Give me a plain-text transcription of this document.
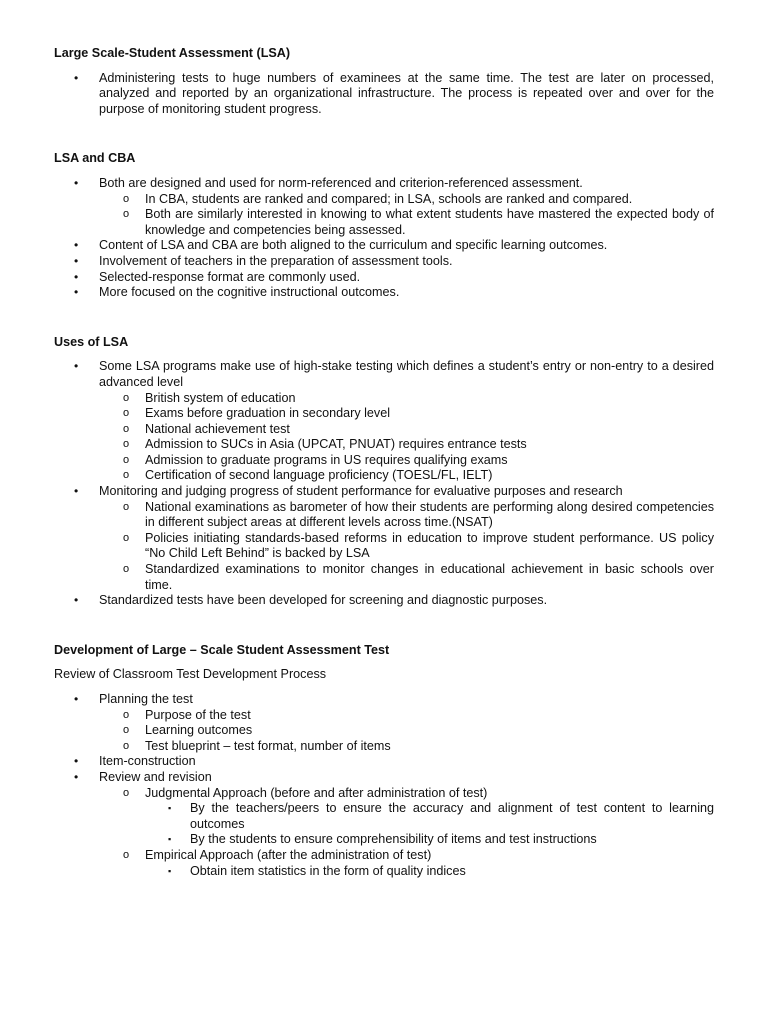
Large Scale-Student Assessment (LSA)
• Administering tests to huge numbers of examinees at the same time. The test are later on processed, analyzed and reported by an organizational infrastructure. The process is repeated over and over for the purpose of monitoring student progress.
LSA and CBA
• Both are designed and used for norm-referenced and criterion-referenced assessment.
o In CBA, students are ranked and compared; in LSA, schools are ranked and compared.
o Both are similarly interested in knowing to what extent students have mastered the expected body of knowledge and competencies being assessed.
• Content of LSA and CBA are both aligned to the curriculum and specific learning outcomes.
• Involvement of teachers in the preparation of assessment tools.
• Selected-response format are commonly used.
• More focused on the cognitive instructional outcomes.
Uses of LSA
• Some LSA programs make use of high-stake testing which defines a student’s entry or non-entry to a desired advanced level
o British system of education
o Exams before graduation in secondary level
o National achievement test
o Admission to SUCs in Asia (UPCAT, PNUAT) requires entrance tests
o Admission to graduate programs in US requires qualifying exams
o Certification of second language proficiency (TOESL/FL, IELT)
• Monitoring and judging progress of student performance for evaluative purposes and research
o National examinations as barometer of how their students are performing along desired competencies in different subject areas at different levels across time.(NSAT)
o Policies initiating standards-based reforms in education to improve student performance. US policy “No Child Left Behind” is backed by LSA
o Standardized examinations to monitor changes in educational achievement in basic schools over time.
• Standardized tests have been developed for screening and diagnostic purposes.
Development of Large – Scale Student Assessment Test
Review of Classroom Test Development Process
• Planning the test
o Purpose of the test
o Learning outcomes
o Test blueprint – test format, number of items
• Item-construction
• Review and revision
o Judgmental Approach (before and after administration of test)
▪ By the teachers/peers to ensure the accuracy and alignment of test content to learning outcomes
▪ By the students to ensure comprehensibility of items and test instructions
o Empirical Approach (after the administration of test)
▪ Obtain item statistics in the form of quality indices
